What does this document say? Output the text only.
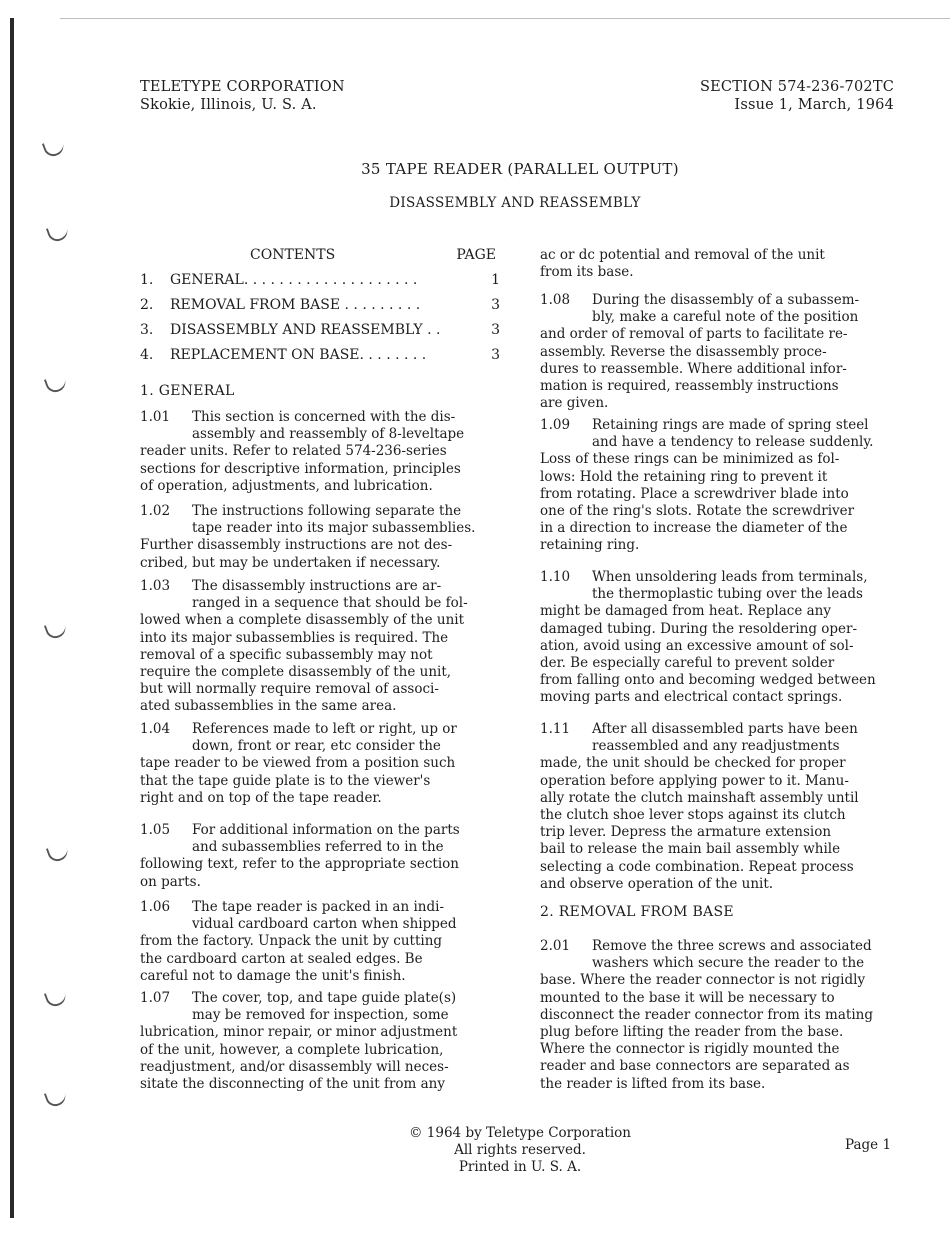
TELETYPE CORPORATION
Skokie, Illinois, U. S. A.
SECTION 574-236-702TC
Issue 1, March, 1964
35 TAPE READER (PARALLEL OUTPUT)
DISASSEMBLY AND REASSEMBLY
CONTENTS	PAGE
1. GENERAL. . . . . . . . . . . . . . . . . . . .	1
2. REMOVAL FROM BASE . . . . . . . . .	3
3. DISASSEMBLY AND REASSEMBLY . .	3
4. REPLACEMENT ON BASE. . . . . . . .	3
1. GENERAL
1.01 This section is concerned with the dis-
assembly and reassembly of 8-leveltape
reader units. Refer to related 574-236-series
sections for descriptive information, principles
of operation, adjustments, and lubrication.
1.02 The instructions following separate the
tape reader into its major subassemblies.
Further disassembly instructions are not des-
cribed, but may be undertaken if necessary.
1.03 The disassembly instructions are ar-
ranged in a sequence that should be fol-
lowed when a complete disassembly of the unit
into its major subassemblies is required. The
removal of a specific subassembly may not
require the complete disassembly of the unit,
but will normally require removal of associ-
ated subassemblies in the same area.
1.04 References made to left or right, up or
down, front or rear, etc consider the
tape reader to be viewed from a position such
that the tape guide plate is to the viewer's
right and on top of the tape reader.
1.05 For additional information on the parts
and subassemblies referred to in the
following text, refer to the appropriate section
on parts.
1.06 The tape reader is packed in an indi-
vidual cardboard carton when shipped
from the factory. Unpack the unit by cutting
the cardboard carton at sealed edges. Be
careful not to damage the unit's finish.
1.07 The cover, top, and tape guide plate(s)
may be removed for inspection, some
lubrication, minor repair, or minor adjustment
of the unit, however, a complete lubrication,
readjustment, and/or disassembly will neces-
sitate the disconnecting of the unit from any
ac or dc potential and removal of the unit
from its base.
1.08 During the disassembly of a subassem-
bly, make a careful note of the position
and order of removal of parts to facilitate re-
assembly. Reverse the disassembly proce-
dures to reassemble. Where additional infor-
mation is required, reassembly instructions
are given.
1.09 Retaining rings are made of spring steel
and have a tendency to release suddenly.
Loss of these rings can be minimized as fol-
lows: Hold the retaining ring to prevent it
from rotating. Place a screwdriver blade into
one of the ring's slots. Rotate the screwdriver
in a direction to increase the diameter of the
retaining ring.
1.10 When unsoldering leads from terminals,
the thermoplastic tubing over the leads
might be damaged from heat. Replace any
damaged tubing. During the resoldering oper-
ation, avoid using an excessive amount of sol-
der. Be especially careful to prevent solder
from falling onto and becoming wedged between
moving parts and electrical contact springs.
1.11 After all disassembled parts have been
reassembled and any readjustments
made, the unit should be checked for proper
operation before applying power to it. Manu-
ally rotate the clutch mainshaft assembly until
the clutch shoe lever stops against its clutch
trip lever. Depress the armature extension
bail to release the main bail assembly while
selecting a code combination. Repeat process
and observe operation of the unit.
2. REMOVAL FROM BASE
2.01 Remove the three screws and associated
washers which secure the reader to the
base. Where the reader connector is not rigidly
mounted to the base it will be necessary to
disconnect the reader connector from its mating
plug before lifting the reader from the base.
Where the connector is rigidly mounted the
reader and base connectors are separated as
the reader is lifted from its base.
© 1964 by Teletype Corporation
All rights reserved.
Printed in U. S. A.
Page 1
